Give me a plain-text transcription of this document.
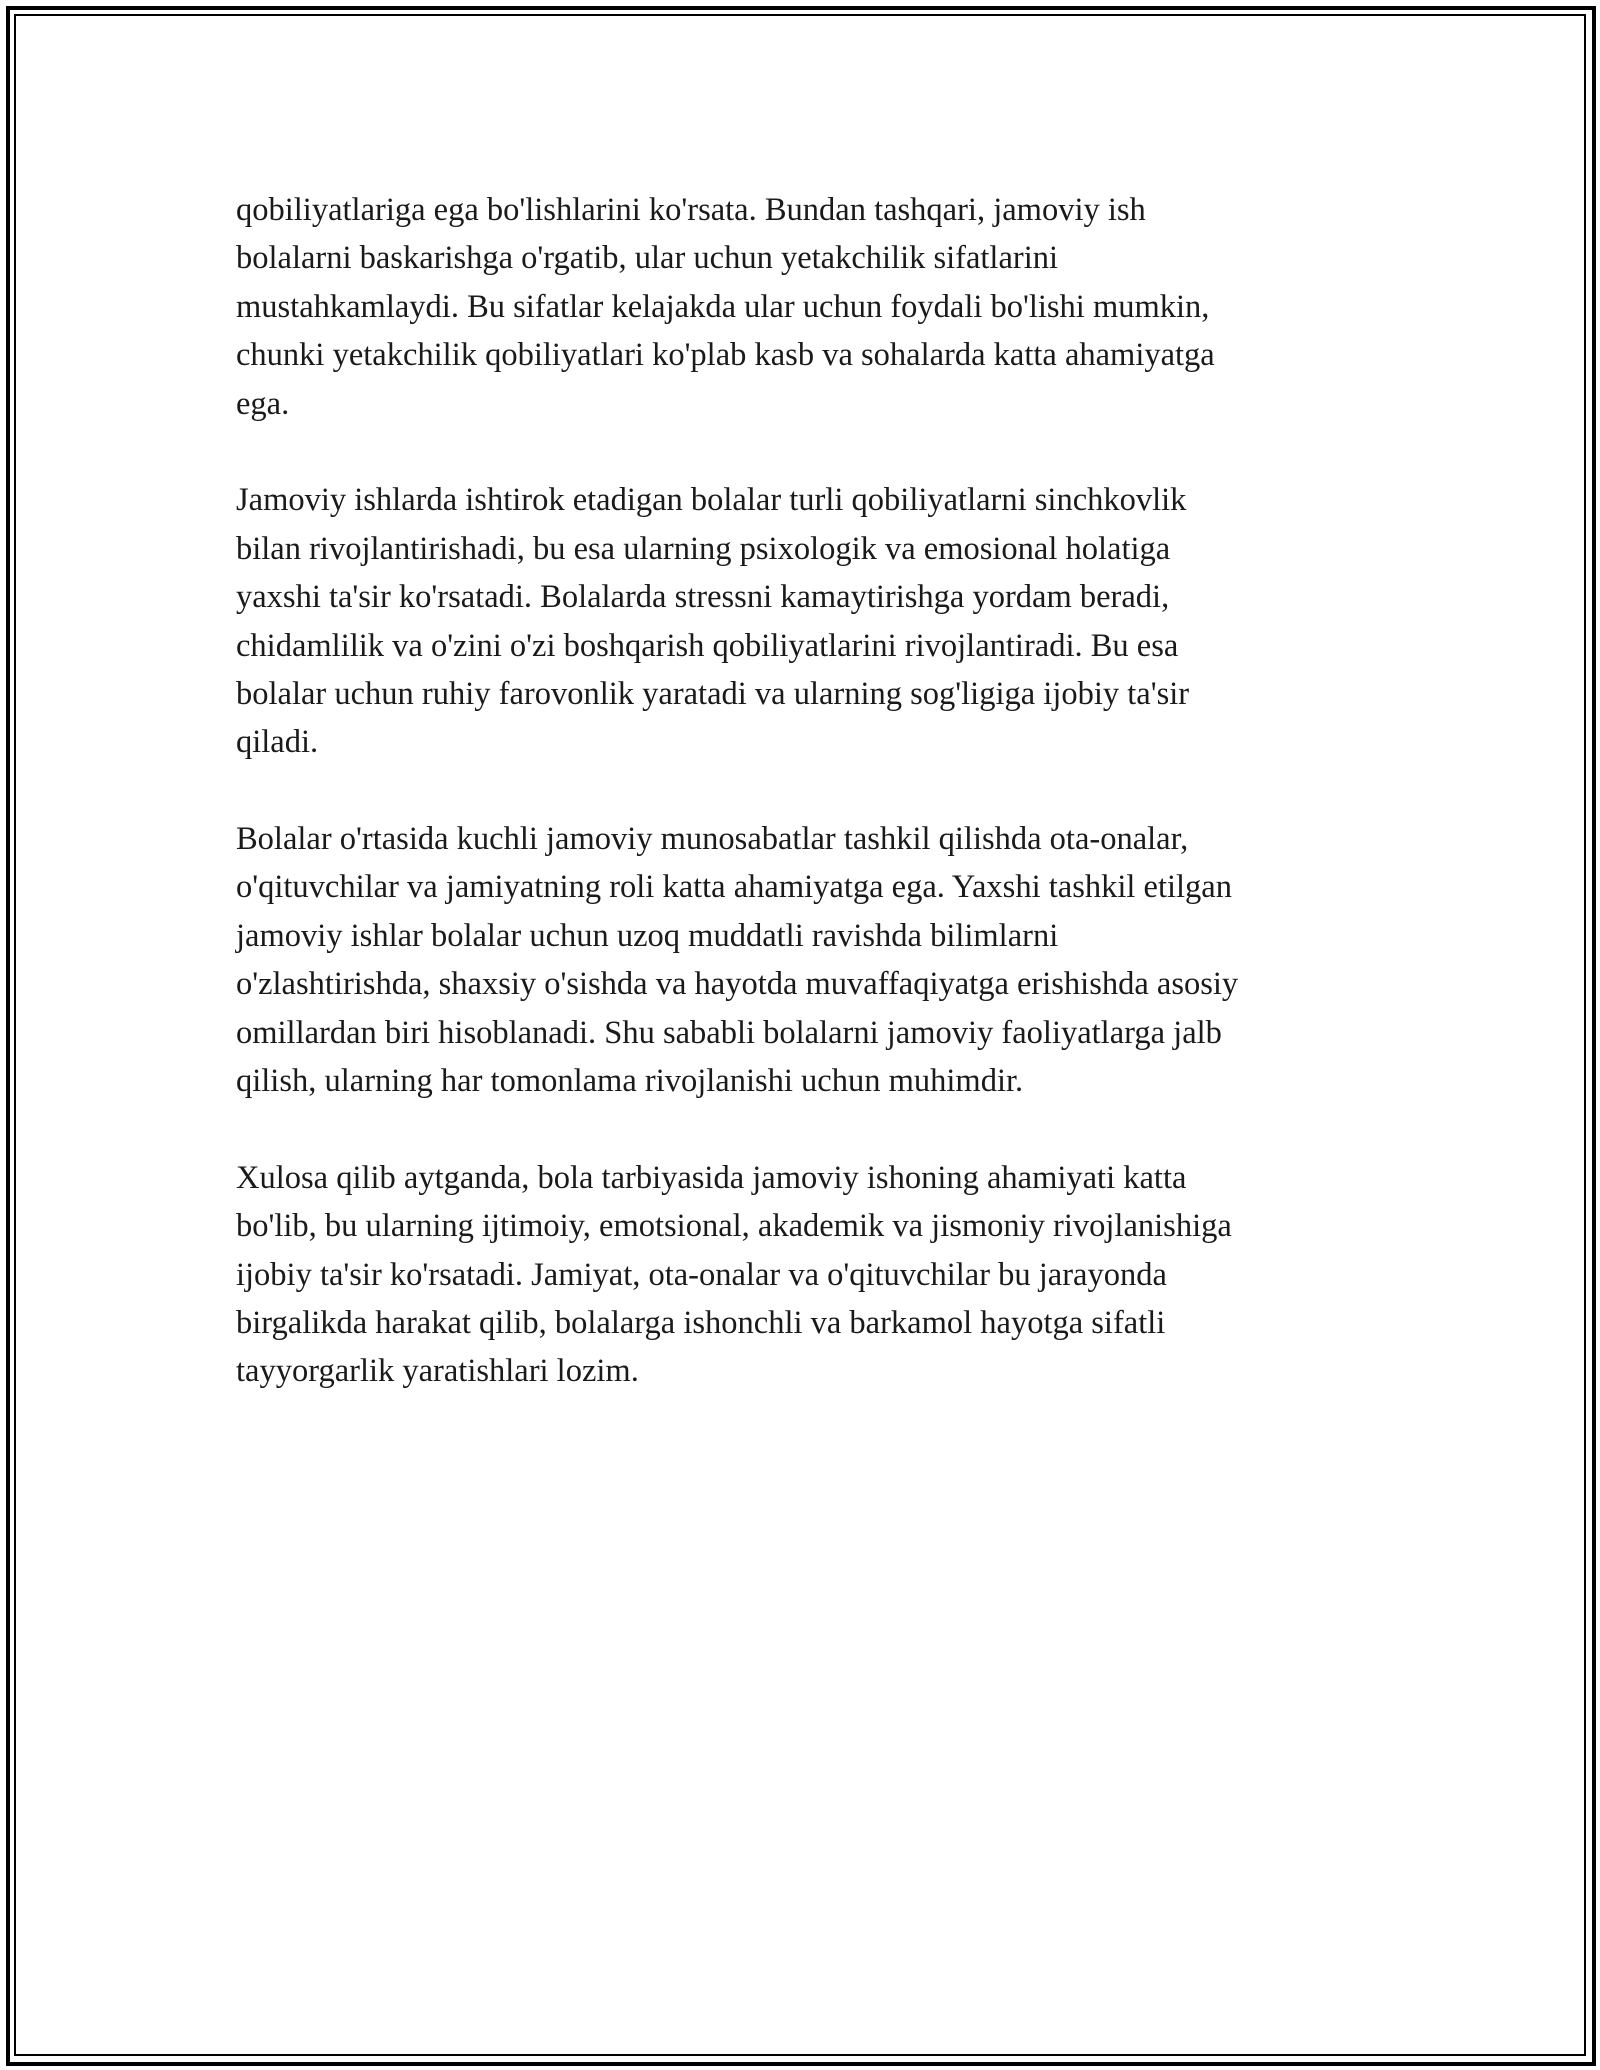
qobiliyatlariga ega bo'lishlarini ko'rsata. Bundan tashqari, jamoviy ish
bolalarni baskarishga o'rgatib, ular uchun yetakchilik sifatlarini
mustahkamlaydi. Bu sifatlar kelajakda ular uchun foydali bo'lishi mumkin,
chunki yetakchilik qobiliyatlari ko'plab kasb va sohalarda katta ahamiyatga
ega.
Jamoviy ishlarda ishtirok etadigan bolalar turli qobiliyatlarni sinchkovlik
bilan rivojlantirishadi, bu esa ularning psixologik va emosional holatiga
yaxshi ta'sir ko'rsatadi. Bolalarda stressni kamaytirishga yordam beradi,
chidamlilik va o'zini o'zi boshqarish qobiliyatlarini rivojlantiradi. Bu esa
bolalar uchun ruhiy farovonlik yaratadi va ularning sog'ligiga ijobiy ta'sir
qiladi.
Bolalar o'rtasida kuchli jamoviy munosabatlar tashkil qilishda ota-onalar,
o'qituvchilar va jamiyatning roli katta ahamiyatga ega. Yaxshi tashkil etilgan
jamoviy ishlar bolalar uchun uzoq muddatli ravishda bilimlarni
o'zlashtirishda, shaxsiy o'sishda va hayotda muvaffaqiyatga erishishda asosiy
omillardan biri hisoblanadi. Shu sababli bolalarni jamoviy faoliyatlarga jalb
qilish, ularning har tomonlama rivojlanishi uchun muhimdir.
Xulosa qilib aytganda, bola tarbiyasida jamoviy ishoning ahamiyati katta
bo'lib, bu ularning ijtimoiy, emotsional, akademik va jismoniy rivojlanishiga
ijobiy ta'sir ko'rsatadi. Jamiyat, ota-onalar va o'qituvchilar bu jarayonda
birgalikda harakat qilib, bolalarga ishonchli va barkamol hayotga sifatli
tayyorgarlik yaratishlari lozim.
